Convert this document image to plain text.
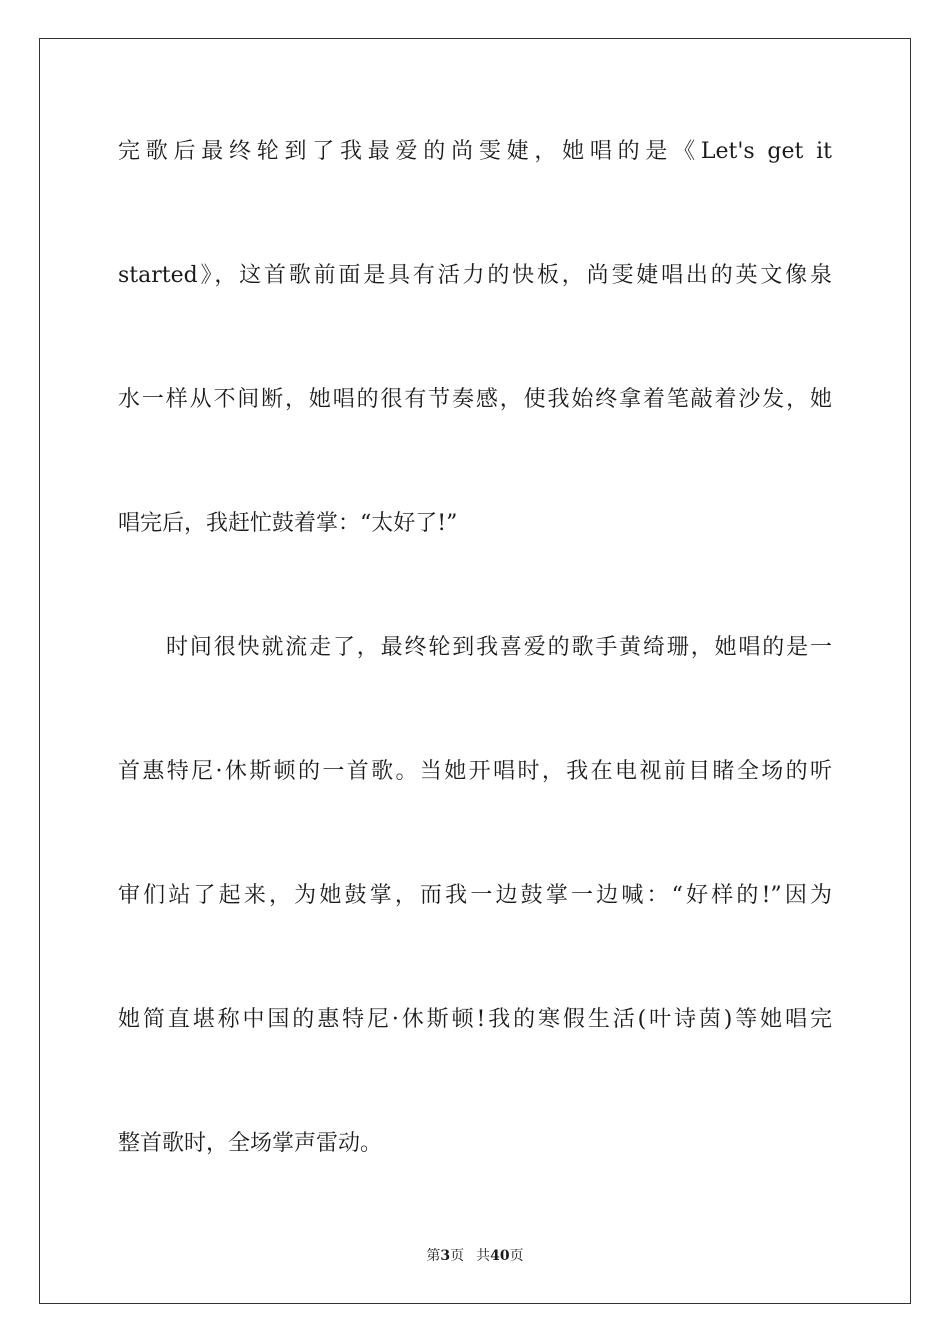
完歌后最终轮到了我最爱的尚雯婕，她唱的是《Let's get it
started》，这首歌前面是具有活力的快板，尚雯婕唱出的英文像泉
水一样从不间断，她唱的很有节奏感，使我始终拿着笔敲着沙发，她
唱完后，我赶忙鼓着掌：“太好了!”
时间很快就流走了，最终轮到我喜爱的歌手黄绮珊，她唱的是一
首惠特尼·休斯顿的一首歌。当她开唱时，我在电视前目睹全场的听
审们站了起来，为她鼓掌，而我一边鼓掌一边喊：“好样的!”因为
她简直堪称中国的惠特尼·休斯顿!我的寒假生活(叶诗茵)等她唱完
整首歌时，全场掌声雷动。
第3页 共40页
